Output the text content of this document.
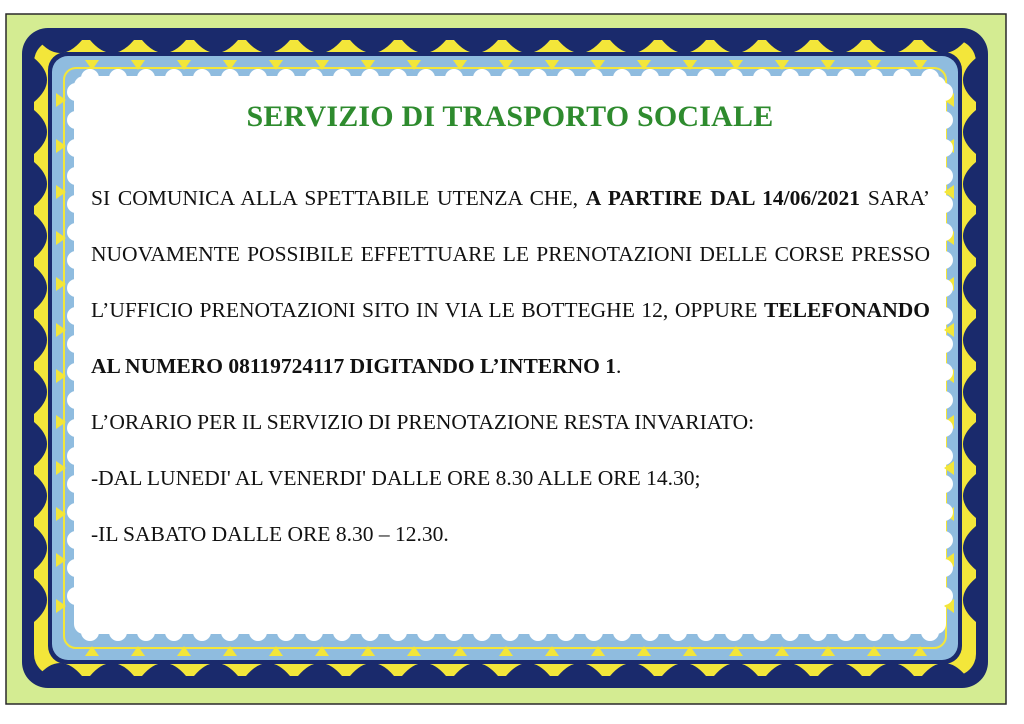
SERVIZIO DI TRASPORTO SOCIALE

SI COMUNICA ALLA SPETTABILE UTENZA CHE, A PARTIRE DAL 14/06/2021 SARA’ NUOVAMENTE POSSIBILE EFFETTUARE LE PRENOTAZIONI DELLE CORSE PRESSO L’UFFICIO PRENOTAZIONI SITO IN VIA LE BOTTEGHE 12, OPPURE TELEFONANDO AL NUMERO 08119724117 DIGITANDO L’INTERNO 1.

L’ORARIO PER IL SERVIZIO DI PRENOTAZIONE RESTA INVARIATO:

-DAL LUNEDI' AL VENERDI' DALLE ORE 8.30 ALLE ORE 14.30;

-IL SABATO DALLE ORE 8.30 – 12.30.
